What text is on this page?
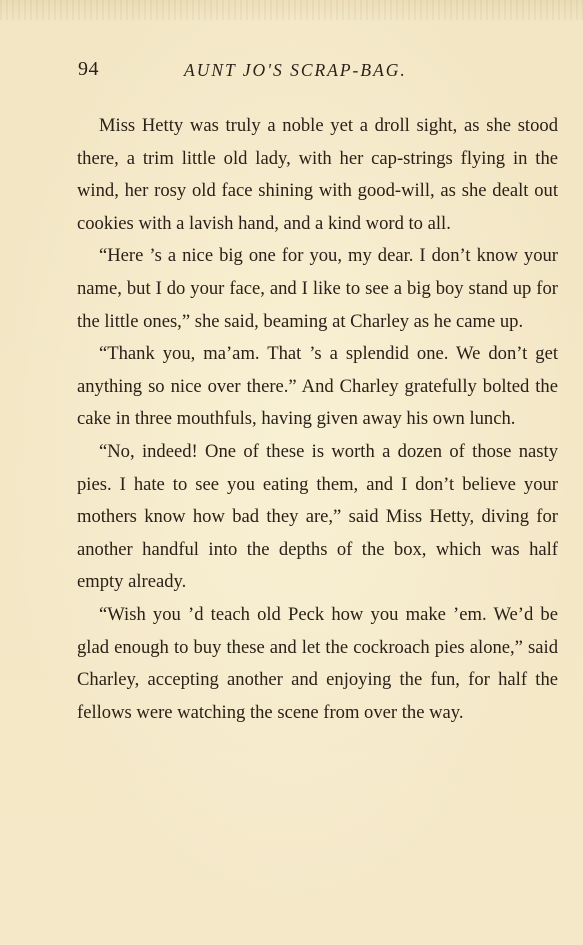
94	AUNT JO'S SCRAP-BAG.

Miss Hetty was truly a noble yet a droll sight, as she stood there, a trim little old lady, with her cap-strings flying in the wind, her rosy old face shining with good-will, as she dealt out cookies with a lavish hand, and a kind word to all.

“Here ’s a nice big one for you, my dear. I don’t know your name, but I do your face, and I like to see a big boy stand up for the little ones,” she said, beaming at Charley as he came up.

“Thank you, ma’am. That ’s a splendid one. We don’t get anything so nice over there.” And Charley gratefully bolted the cake in three mouthfuls, having given away his own lunch.

“No, indeed! One of these is worth a dozen of those nasty pies. I hate to see you eating them, and I don’t believe your mothers know how bad they are,” said Miss Hetty, diving for another handful into the depths of the box, which was half empty already.

“Wish you ’d teach old Peck how you make ’em. We’d be glad enough to buy these and let the cockroach pies alone,” said Charley, accepting another and enjoying the fun, for half the fellows were watching the scene from over the way.
